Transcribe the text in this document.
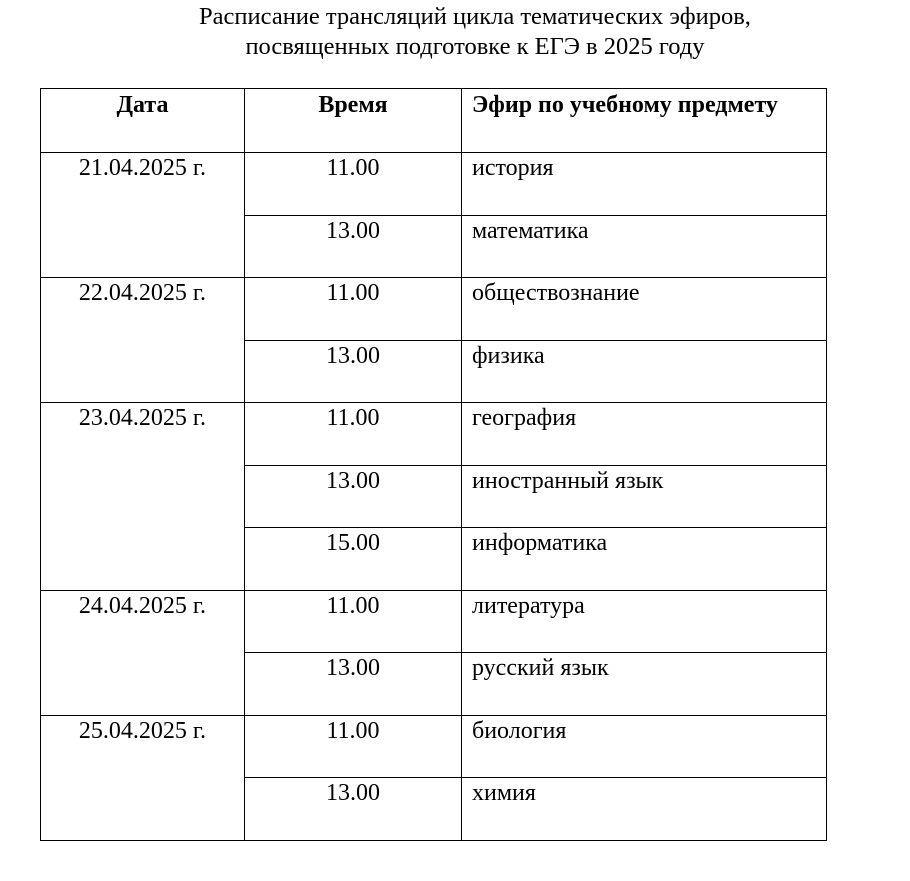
Расписание трансляций цикла тематических эфиров,
посвященных подготовке к ЕГЭ в 2025 году
Дата	Время	Эфир по учебному предмету
21.04.2025 г.	11.00	история
	13.00	математика
22.04.2025 г.	11.00	обществознание
	13.00	физика
23.04.2025 г.	11.00	география
	13.00	иностранный язык
	15.00	информатика
24.04.2025 г.	11.00	литература
	13.00	русский язык
25.04.2025 г.	11.00	биология
	13.00	химия
